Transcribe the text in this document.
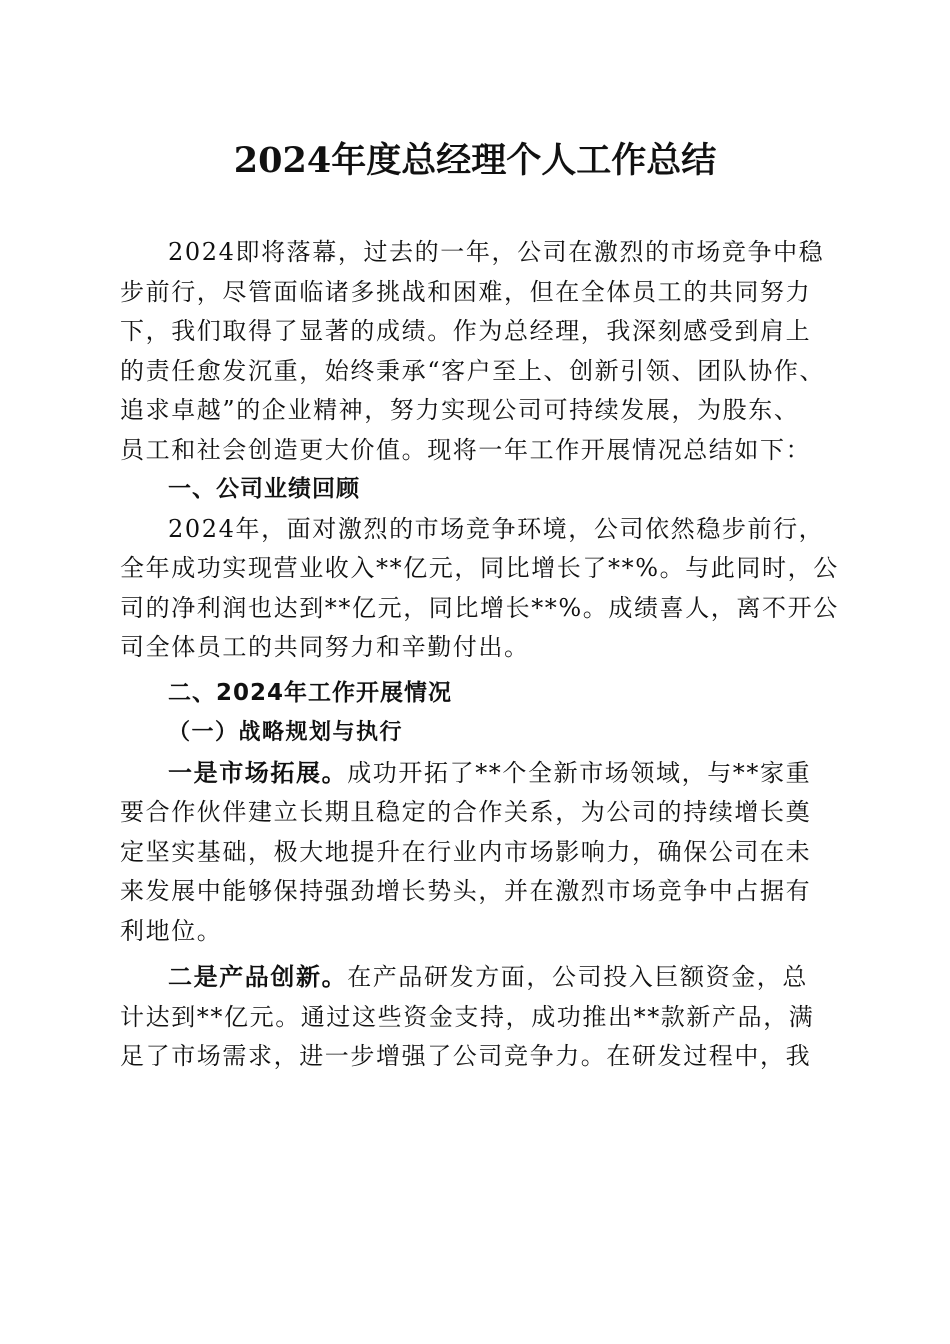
2024年度总经理个人工作总结

2024即将落幕，过去的一年，公司在激烈的市场竞争中稳
步前行，尽管面临诸多挑战和困难，但在全体员工的共同努力
下，我们取得了显著的成绩。作为总经理，我深刻感受到肩上
的责任愈发沉重，始终秉承“客户至上、创新引领、团队协作、
追求卓越”的企业精神，努力实现公司可持续发展，为股东、
员工和社会创造更大价值。现将一年工作开展情况总结如下：

一、公司业绩回顾

2024年，面对激烈的市场竞争环境，公司依然稳步前行，
全年成功实现营业收入**亿元，同比增长了**%。与此同时，公
司的净利润也达到**亿元，同比增长**%。成绩喜人，离不开公
司全体员工的共同努力和辛勤付出。

二、2024年工作开展情况
（一）战略规划与执行

一是市场拓展。成功开拓了**个全新市场领域，与**家重
要合作伙伴建立长期且稳定的合作关系，为公司的持续增长奠
定坚实基础，极大地提升在行业内市场影响力，确保公司在未
来发展中能够保持强劲增长势头，并在激烈市场竞争中占据有
利地位。

二是产品创新。在产品研发方面，公司投入巨额资金，总
计达到**亿元。通过这些资金支持，成功推出**款新产品，满
足了市场需求，进一步增强了公司竞争力。在研发过程中，我
